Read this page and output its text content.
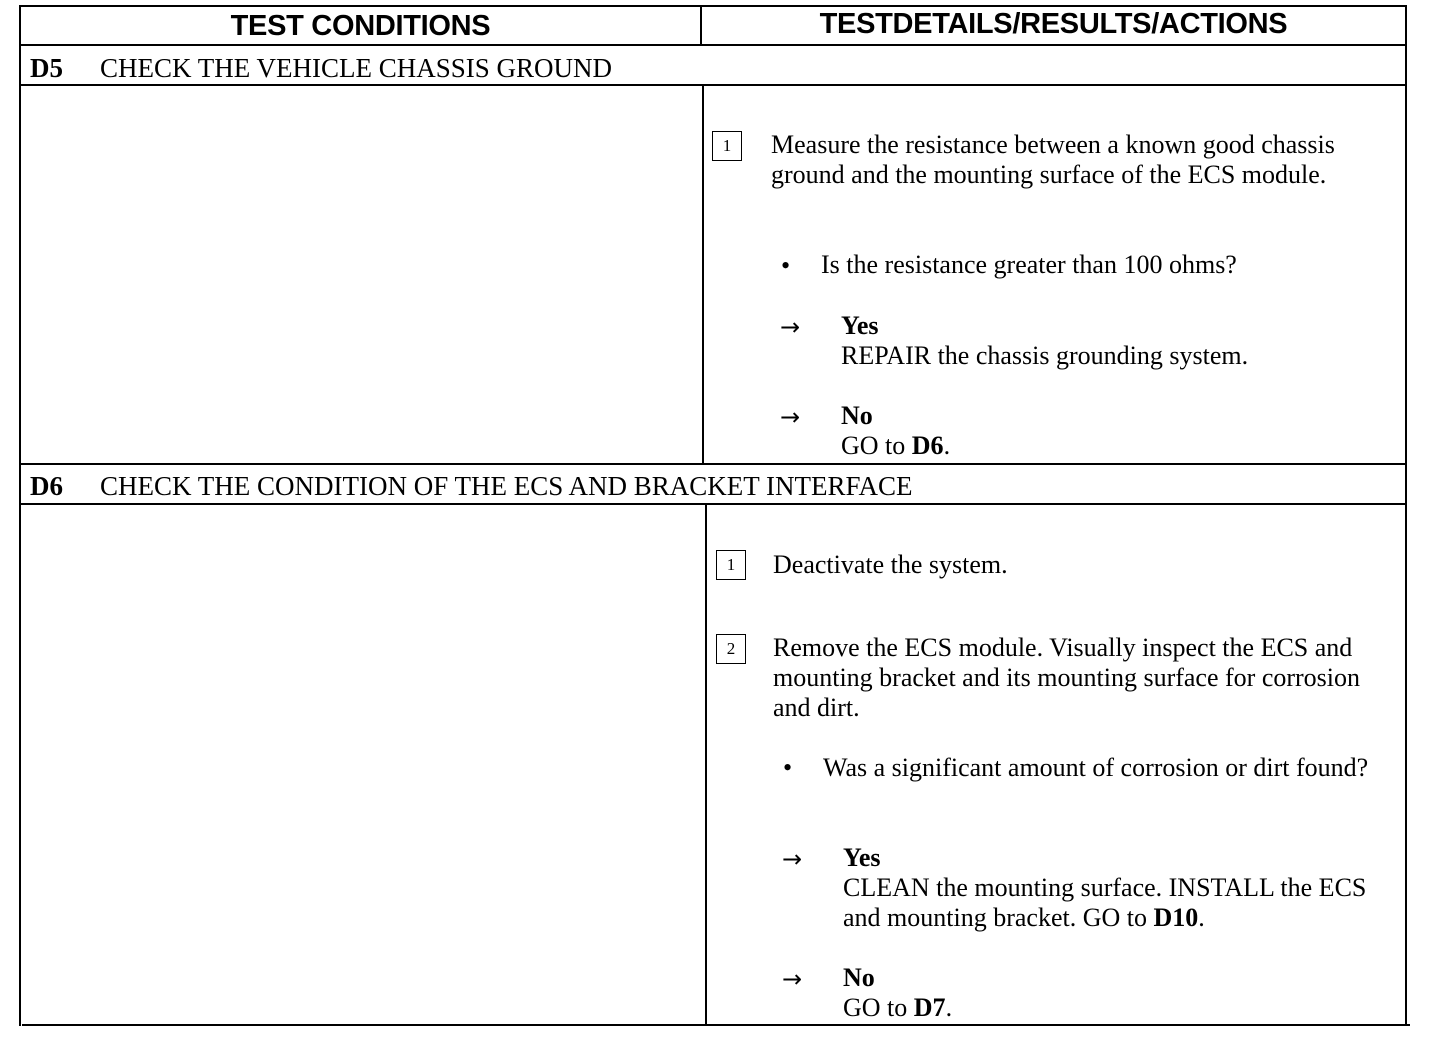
TEST CONDITIONS	TESTDETAILS/RESULTS/ACTIONS
D5 CHECK THE VEHICLE CHASSIS GROUND
1	Measure the resistance between a known good chassis ground and the mounting surface of the ECS module.
• Is the resistance greater than 100 ohms?
→ Yes
REPAIR the chassis grounding system.
→ No
GO to D6.
D6 CHECK THE CONDITION OF THE ECS AND BRACKET INTERFACE
1	Deactivate the system.
2	Remove the ECS module. Visually inspect the ECS and mounting bracket and its mounting surface for corrosion and dirt.
• Was a significant amount of corrosion or dirt found?
→ Yes
CLEAN the mounting surface. INSTALL the ECS and mounting bracket. GO to D10.
→ No
GO to D7.
